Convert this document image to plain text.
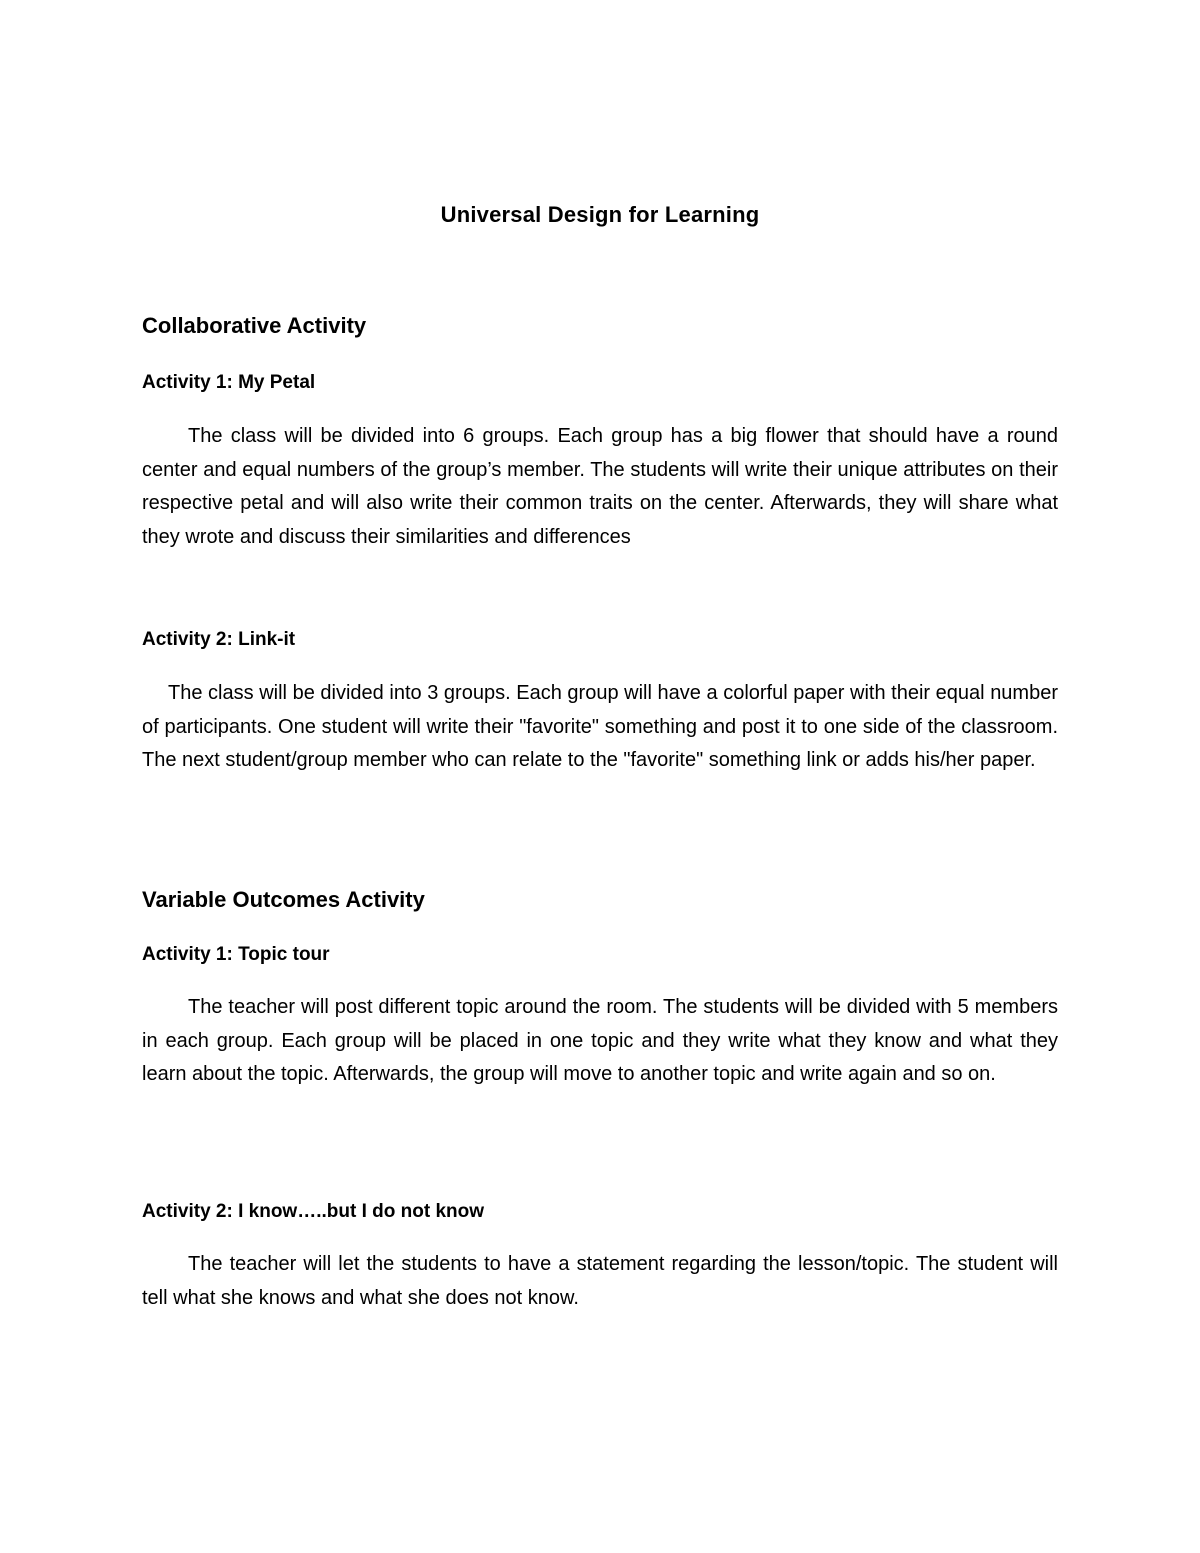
Universal Design for Learning
Collaborative Activity
Activity 1: My Petal
The class will be divided into 6 groups. Each group has a big flower that should have a round center and equal numbers of the group’s member. The students will write their unique attributes on their respective petal and will also write their common traits on the center. Afterwards, they will share what they wrote and discuss their similarities and differences
Activity 2: Link-it
The class will be divided into 3 groups. Each group will have a colorful paper with their equal number of participants. One student will write their "favorite" something and post it to one side of the classroom. The next student/group member who can relate to the "favorite" something link or adds his/her paper.
Variable Outcomes Activity
Activity 1: Topic tour
The teacher will post different topic around the room. The students will be divided with 5 members in each group. Each group will be placed in one topic and they write what they know and what they learn about the topic. Afterwards, the group will move to another topic and write again and so on.
Activity 2: I know…..but I do not know
The teacher will let the students to have a statement regarding the lesson/topic. The student will tell what she knows and what she does not know.
